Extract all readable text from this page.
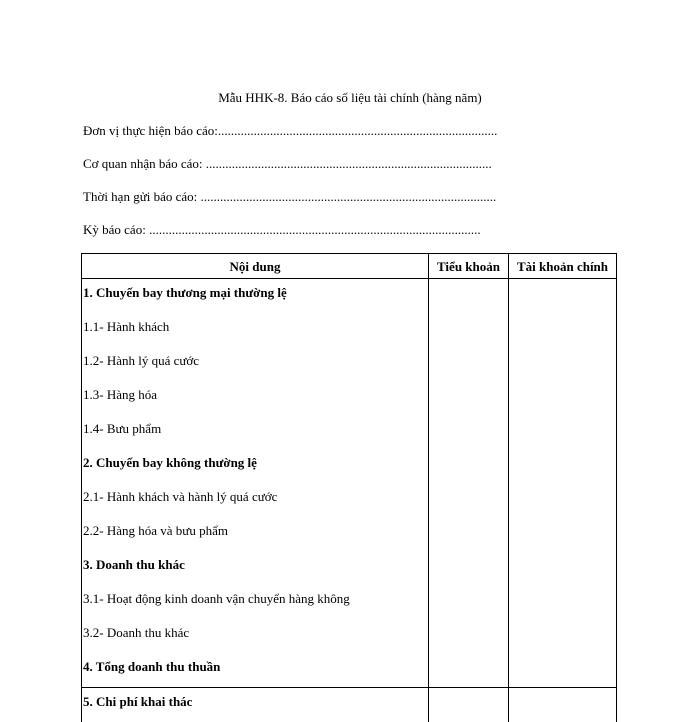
Mẫu HHK-8. Báo cáo số liệu tài chính (hàng năm)
Đơn vị thực hiện báo cáo:......................................................................................
Cơ quan nhận báo cáo: ........................................................................................
Thời hạn gửi báo cáo: ...........................................................................................
Kỳ báo cáo: ......................................................................................................
Nội dung	Tiểu khoản	Tài khoản chính
1. Chuyến bay thương mại thường lệ		
1.1- Hành khách		
1.2- Hành lý quá cước		
1.3- Hàng hóa		
1.4- Bưu phẩm		
2. Chuyến bay không thường lệ		
2.1- Hành khách và hành lý quá cước		
2.2- Hàng hóa và bưu phẩm		
3. Doanh thu khác		
3.1- Hoạt động kinh doanh vận chuyển hàng không		
3.2- Doanh thu khác		
4. Tổng doanh thu thuần		
5. Chi phí khai thác		
